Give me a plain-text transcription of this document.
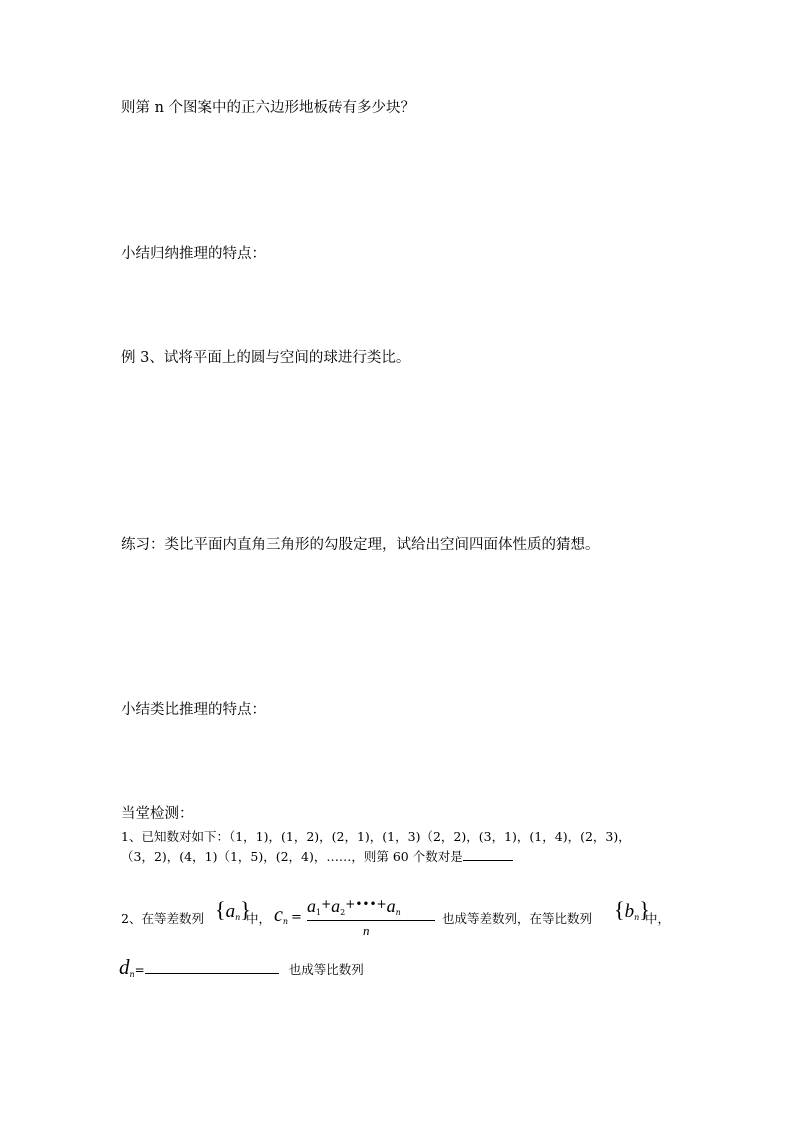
则第 n 个图案中的正六边形地板砖有多少块？
小结归纳推理的特点：
例 3、试将平面上的圆与空间的球进行类比。
练习：类比平面内直角三角形的勾股定理，试给出空间四面体性质的猜想。
小结类比推理的特点：
当堂检测：
1、已知数对如下：（1，1)，(1，2)，(2，1)，(1，3)（2，2)，(3，1)，(1，4)，(2，3)，
（3，2)，(4，1)（1，5)，(2，4)，……，则第 60 个数对是
2、在等差数列 $\{a_n\}$
中， $c_n$ =
$a_1^+a_2^{+•••+}a_n$
n
也成等差数列，在等比数列 $\{b_n\}$
中，
$d_n=$	也成等比数列
